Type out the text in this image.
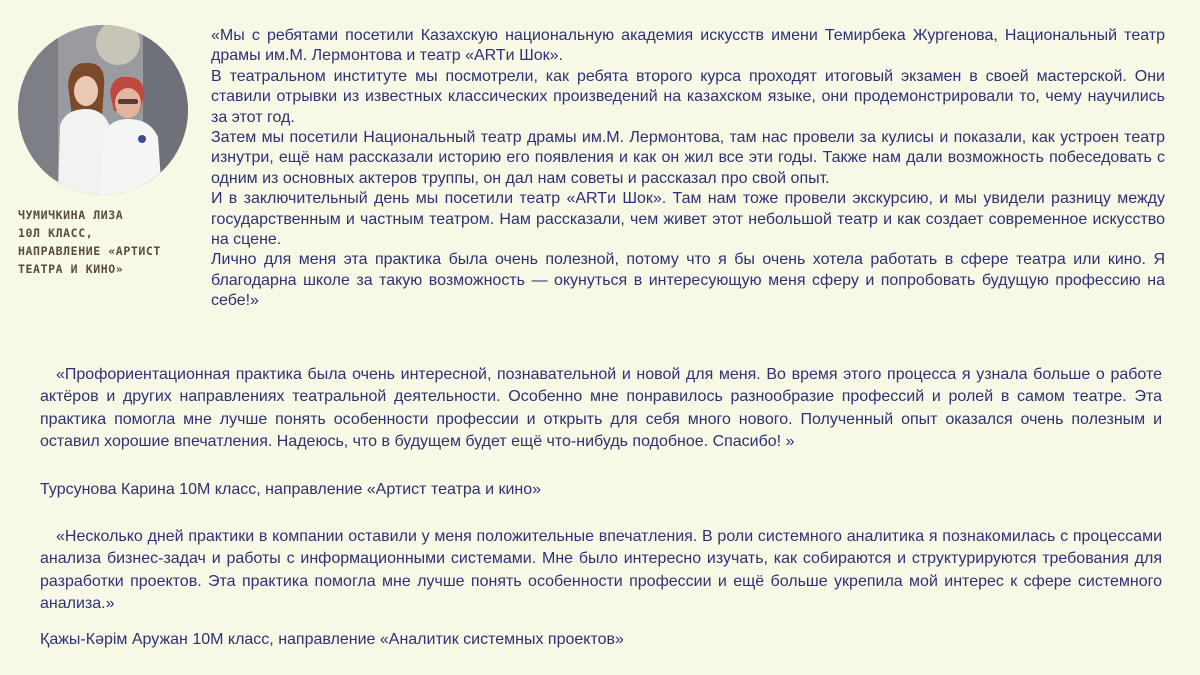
ЧУМИЧКИНА ЛИЗА
10Л КЛАСС,
НАПРАВЛЕНИЕ «АРТИСТ
ТЕАТРА И КИНО»

«Мы с ребятами посетили Казахскую национальную академия искусств имени Темирбека Жургенова, Национальный театр драмы им.М. Лермонтова и театр «ARTи Шок».

В театральном институте мы посмотрели, как ребята второго курса проходят итоговый экзамен в своей мастерской. Они ставили отрывки из известных классических произведений на казахском языке, они продемонстрировали то, чему научились за этот год.

Затем мы посетили Национальный театр драмы им.М. Лермонтова, там нас провели за кулисы и показали, как устроен театр изнутри, ещё нам рассказали историю его появления и как он жил все эти годы. Также нам дали возможность побеседовать с одним из основных актеров труппы, он дал нам советы и рассказал про свой опыт.

И в заключительный день мы посетили театр «ARTи Шок». Там нам тоже провели экскурсию, и мы увидели разницу между государственным и частным театром. Нам рассказали, чем живет этот небольшой театр и как создает современное искусство на сцене.

Лично для меня эта практика была очень полезной, потому что я бы очень хотела работать в сфере театра или кино. Я благодарна школе за такую возможность — окунуться в интересующую меня сферу и попробовать будущую профессию на себе!»

«Профориентационная практика была очень интересной, познавательной и новой для меня. Во время этого процесса я узнала больше о работе актёров и других направлениях театральной деятельности. Особенно мне понравилось разнообразие профессий и ролей в самом театре. Эта практика помогла мне лучше понять особенности профессии и открыть для себя много нового. Полученный опыт оказался очень полезным и оставил хорошие впечатления. Надеюсь, что в будущем будет ещё что-нибудь подобное. Спасибо! »

Турсунова Карина 10М класс, направление «Артист театра и кино»

«Несколько дней практики в компании оставили у меня положительные впечатления. В роли системного аналитика я познакомилась с процессами анализа бизнес-задач и работы с информационными системами. Мне было интересно изучать, как собираются и структурируются требования для разработки проектов. Эта практика помогла мне лучше понять особенности профессии и ещё больше укрепила мой интерес к сфере системного анализа.»

Қажы-Кәрім Аружан 10М класс, направление «Аналитик системных проектов»
